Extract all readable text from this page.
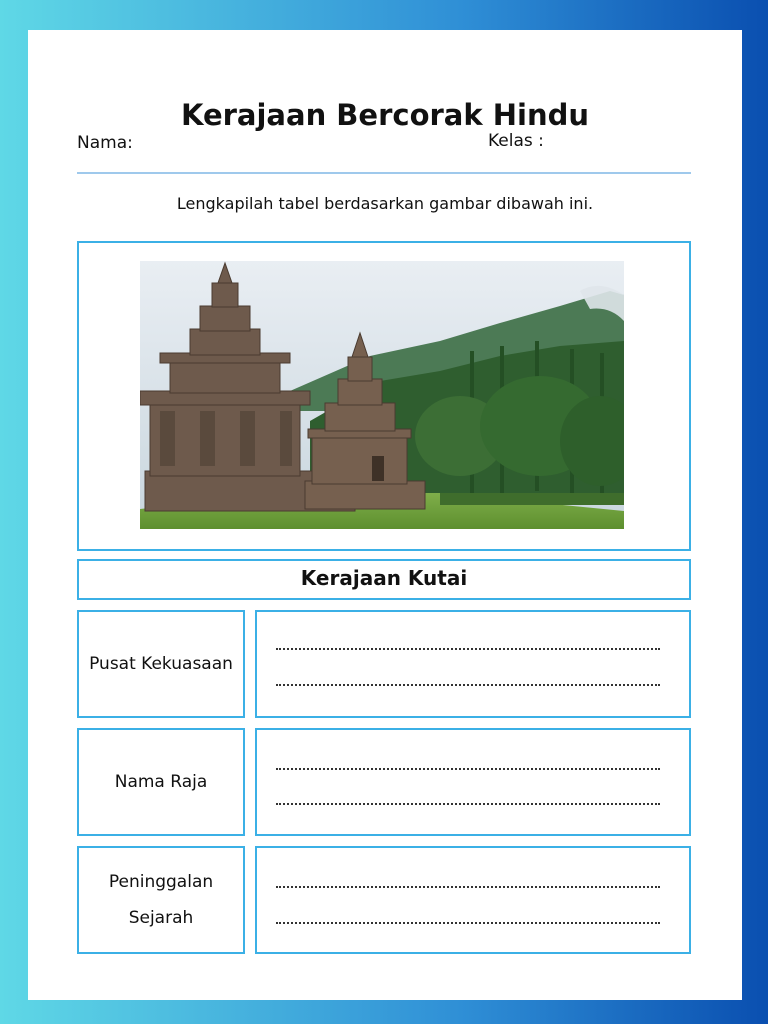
Kerajaan Bercorak Hindu
Nama:	Kelas :
Lengkapilah tabel berdasarkan gambar dibawah ini.
Kerajaan Kutai
Pusat Kekuasaan
Nama Raja
Peninggalan Sejarah
